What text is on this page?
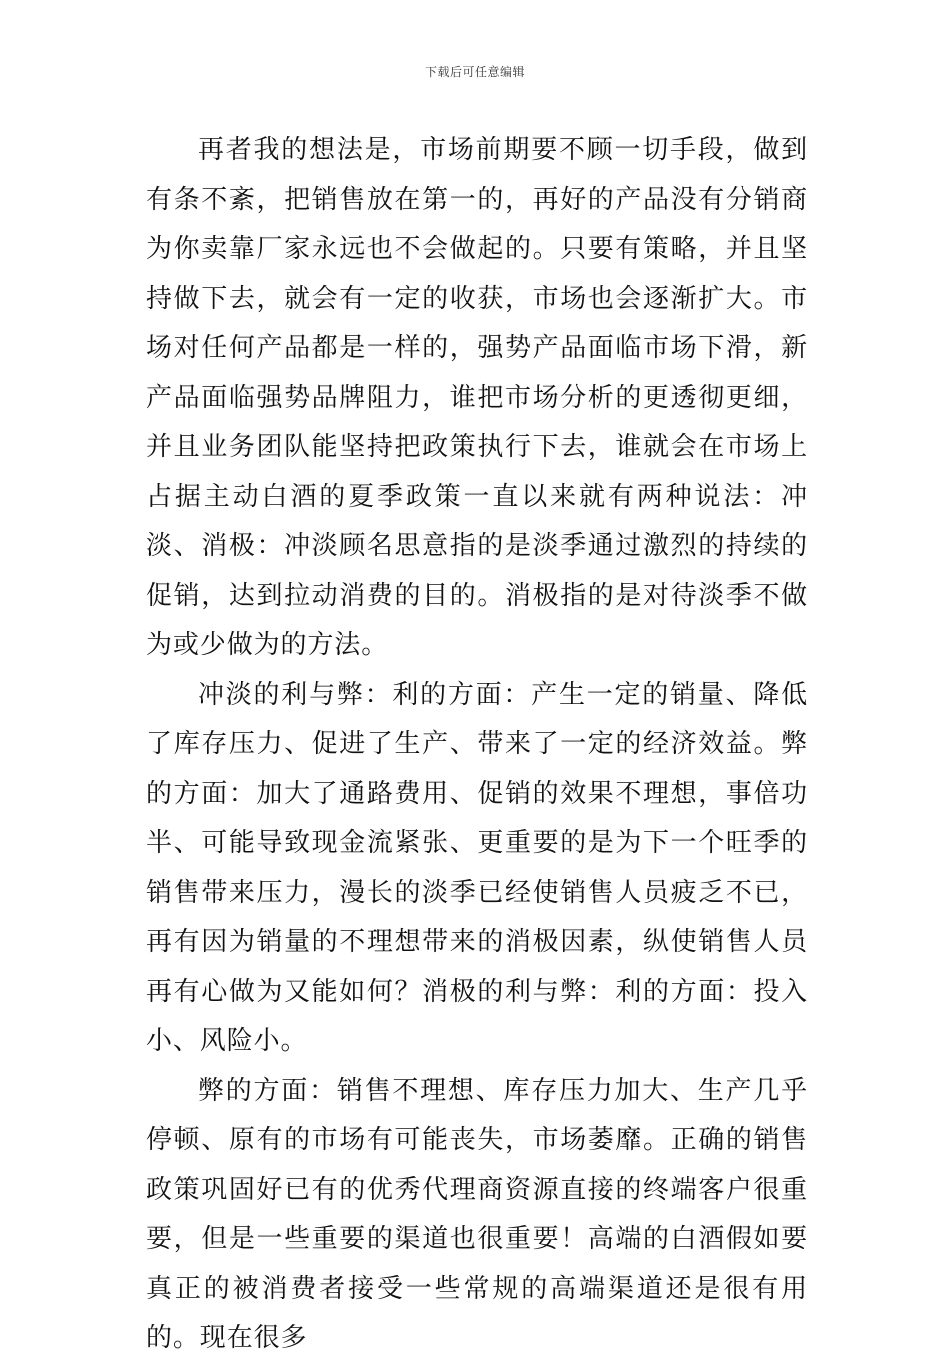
下载后可任意编辑

再者我的想法是，市场前期要不顾一切手段，做到有条不紊，把销售放在第一的，再好的产品没有分销商为你卖靠厂家永远也不会做起的。只要有策略，并且坚持做下去，就会有一定的收获，市场也会逐渐扩大。市场对任何产品都是一样的，强势产品面临市场下滑，新产品面临强势品牌阻力，谁把市场分析的更透彻更细，并且业务团队能坚持把政策执行下去，谁就会在市场上占据主动白酒的夏季政策一直以来就有两种说法：冲淡、消极：冲淡顾名思意指的是淡季通过激烈的持续的促销，达到拉动消费的目的。消极指的是对待淡季不做为或少做为的方法。

冲淡的利与弊：利的方面：产生一定的销量、降低了库存压力、促进了生产、带来了一定的经济效益。弊的方面：加大了通路费用、促销的效果不理想，事倍功半、可能导致现金流紧张、更重要的是为下一个旺季的销售带来压力，漫长的淡季已经使销售人员疲乏不已，再有因为销量的不理想带来的消极因素，纵使销售人员再有心做为又能如何？消极的利与弊：利的方面：投入小、风险小。

弊的方面：销售不理想、库存压力加大、生产几乎停顿、原有的市场有可能丧失，市场萎靡。正确的销售政策巩固好已有的优秀代理商资源直接的终端客户很重要，但是一些重要的渠道也很重要！高端的白酒假如要真正的被消费者接受一些常规的高端渠道还是很有用的。现在很多
